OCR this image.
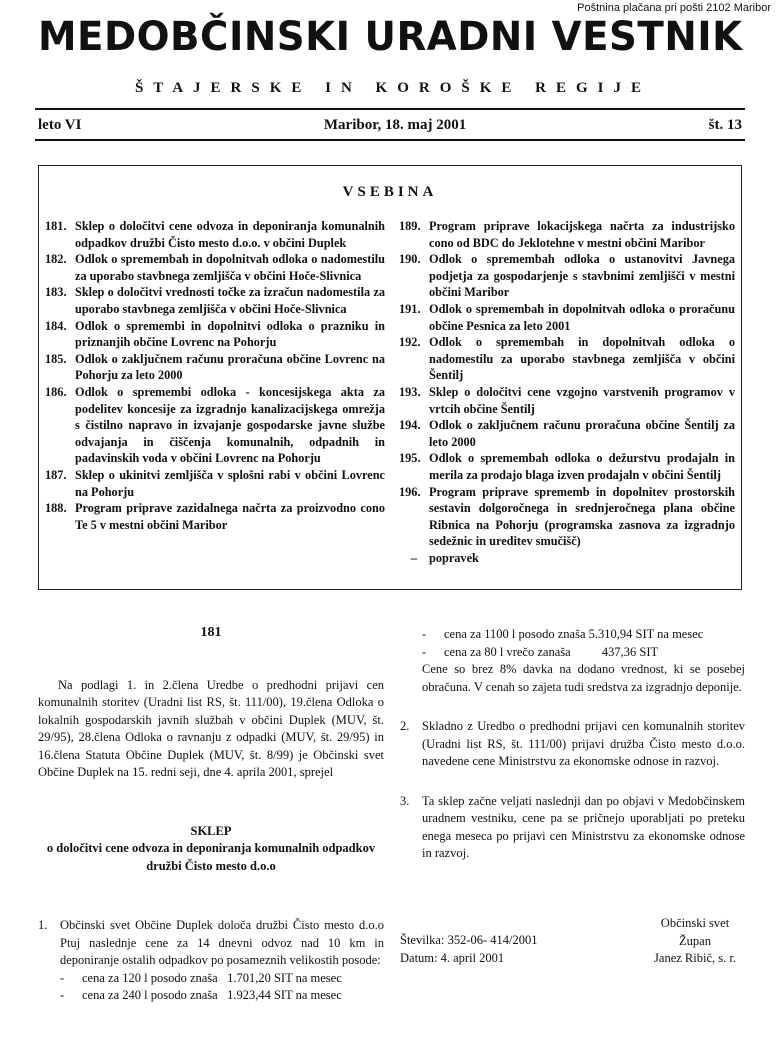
Poštnina plačana pri pošti 2102 Maribor
MEDOBČINSKI URADNI VESTNIK
ŠTAJERSKE IN KOROŠKE REGIJE
leto VI	Maribor, 18. maj 2001	št. 13
VSEBINA
181. Sklep o določitvi cene odvoza in deponiranja komunalnih odpadkov družbi Čisto mesto d.o.o. v občini Duplek
182. Odlok o spremembah in dopolnitvah odloka o nadomestilu za uporabo stavbnega zemljišča v občini Hoče-Slivnica
183. Sklep o določitvi vrednosti točke za izračun nadomestila za uporabo stavbnega zemljišča v občini Hoče-Slivnica
184. Odlok o spremembi in dopolnitvi odloka o prazniku in priznanjih občine Lovrenc na Pohorju
185. Odlok o zaključnem računu proračuna občine Lovrenc na Pohorju za leto 2000
186. Odlok o spremembi odloka - koncesijskega akta za podelitev koncesije za izgradnjo kanalizacijskega omrežja s čistilno napravo in izvajanje gospodarske javne službe odvajanja in čiščenja komunalnih, odpadnih in padavinskih voda v občini Lovrenc na Pohorju
187. Sklep o ukinitvi zemljišča v splošni rabi v občini Lovrenc na Pohorju
188. Program priprave zazidalnega načrta za proizvodno cono Te 5 v mestni občini Maribor
189. Program priprave lokacijskega načrta za industrijsko cono od BDC do Jeklotehne v mestni občini Maribor
190. Odlok o spremembah odloka o ustanovitvi Javnega podjetja za gospodarjenje s stavbnimi zemljišči v mestni občini Maribor
191. Odlok o spremembah in dopolnitvah odloka o proračunu občine Pesnica za leto 2001
192. Odlok o spremembah in dopolnitvah odloka o nadomestilu za uporabo stavbnega zemljišča v občini Šentilj
193. Sklep o določitvi cene vzgojno varstvenih programov v vrtcih občine Šentilj
194. Odlok o zaključnem računu proračuna občine Šentilj za leto 2000
195. Odlok o spremembah odloka o dežurstvu prodajaln in merila za prodajo blaga izven prodajaln v občini Šentilj
196. Program priprave sprememb in dopolnitev prostorskih sestavin dolgoročnega in srednjeročnega plana občine Ribnica na Pohorju (programska zasnova za izgradnjo sedežnic in ureditev smučišč)
– popravek
181

Na podlagi 1. in 2.člena Uredbe o predhodni prijavi cen komunalnih storitev (Uradni list RS, št. 111/00), 19.člena Odloka o lokalnih gospodarskih javnih službah v občini Duplek (MUV, št. 29/95), 28.člena Odloka o ravnanju z odpadki (MUV, št. 29/95) in 16.člena Statuta Občine Duplek (MUV, št. 8/99) je Občinski svet Občine Duplek na 15. redni seji, dne 4. aprila 2001, sprejel

SKLEP
o določitvi cene odvoza in deponiranja komunalnih odpadkov družbi Čisto mesto d.o.o
1.	Občinski svet Občine Duplek določa družbi Čisto mesto d.o.o Ptuj naslednje cene za 14 dnevni odvoz nad 10 km in deponiranje ostalih odpadkov po posameznih velikostih posode:
-	cena za 120 l posodo znaša   1.701,20 SIT na mesec
-	cena za 240 l posodo znaša   1.923,44 SIT na mesec
-	cena za 1100 l posodo znaša 5.310,94 SIT na mesec
-	cena za 80 l vrečo zanaša          437,36 SIT

Cene so brez 8% davka na dodano vrednost, ki se posebej obračuna. V cenah so zajeta tudi sredstva za izgradnjo deponije.

2.	Skladno z Uredbo o predhodni prijavi cen komunalnih storitev (Uradni list RS, št. 111/00) prijavi družba Čisto mesto d.o.o. navedene cene Ministrstvu za ekonomske odnose in razvoj.
3.	Ta sklep začne veljati naslednji dan po objavi v Medobčinskem uradnem vestniku, cene pa se pričnejo uporabljati po preteku enega meseca po prijavi cen Ministrstvu za ekonomske odnose in razvoj.
Številka: 352-06- 414/2001
Datum: 4. april 2001
Občinski svet
Župan
Janez Ribič, s. r.
